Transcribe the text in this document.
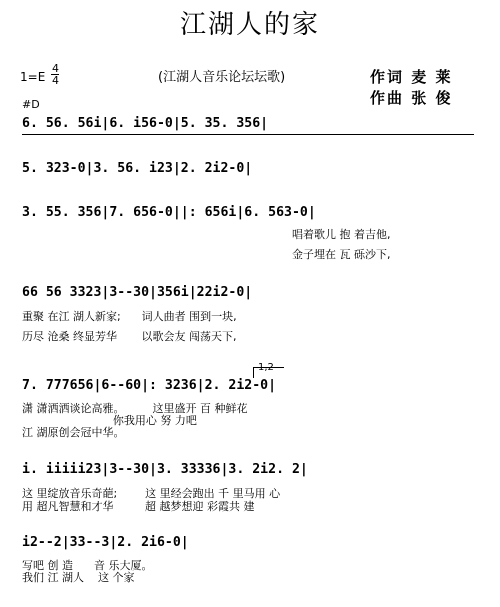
江湖人的家
(江湖人音乐论坛坛歌)	作词 麦 莱
作曲 张 俊
1=E
4
4
#D
6. 56. 56i|6. i56-0|5. 35. 356|
5. 323-0|3. 56. i23|2. 2i2-0|
3. 55. 356|7. 656-0||: 656i|6. 563-0|
唱着歌儿 抱 着吉他,
金子埋在 瓦 砾沙下,
66 56 3323|3--30|356i|22i2-0|
重聚 在江 湖人新家;      词人曲者 围到一块,
历尽 沧桑 终显芳华       以歌会友 闯荡天下,
1,2
7. 777656|6--60|: 3236|2. 2i2-0|
潇 潇洒洒谈论高雅。        这里盛开 百 种鲜花
你我用心 努 力吧
江 湖原创会冠中华。
i. iiiii23|3--30|3. 33336|3. 2i2. 2|
这 里绽放音乐奇葩;        这 里经会跑出 千 里马用 心
用 超凡智慧和才华         超 越梦想迎 彩霞共 建
i2--2|33--3|2. 2i6-0|
写吧 创 造      音 乐大厦。
我们 江 湖人    这 个家
